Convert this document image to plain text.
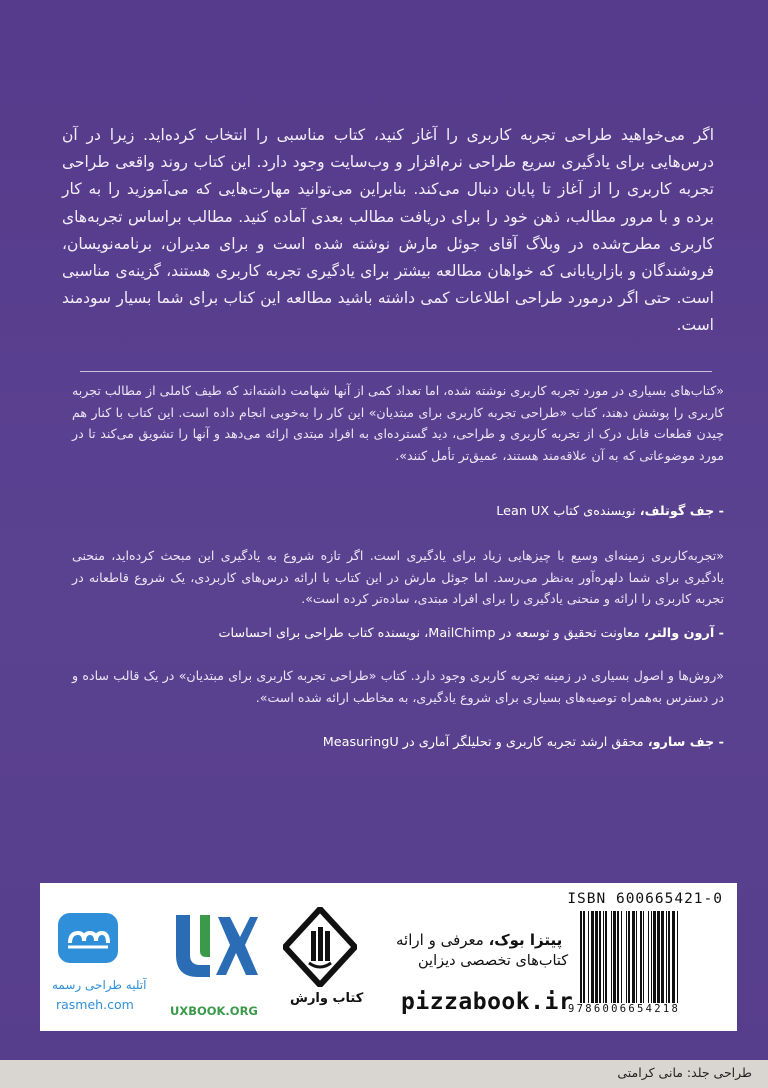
اگر می‌خواهید طراحی تجربه کاربری را آغاز کنید، کتاب مناسبی را انتخاب کرده‌اید. زیرا در آن درس‌هایی برای یادگیری سریع طراحی نرم‌افزار و وب‌سایت وجود دارد. این کتاب روند واقعی طراحی تجربه کاربری را از آغاز تا پایان دنبال می‌کند. بنابراین می‌توانید مهارت‌هایی که می‌آموزید را به کار برده و با مرور مطالب، ذهن خود را برای دریافت مطالب بعدی آماده کنید. مطالب براساس تجربه‌های کاربری مطرح‌شده در وبلاگ آقای جوئل مارش نوشته شده است و برای مدیران، برنامه‌نویسان، فروشندگان و بازاریابانی که خواهان مطالعه بیشتر برای یادگیری تجربه کاربری هستند، گزینه‌ی مناسبی است. حتی اگر درمورد طراحی اطلاعات کمی داشته باشید مطالعه این کتاب برای شما بسیار سودمند است.
«کتاب‌های بسیاری در مورد تجربه کاربری نوشته شده، اما تعداد کمی از آنها شهامت داشته‌اند که طیف کاملی از مطالب تجربه کاربری را پوشش دهند، کتاب «طراحی تجربه کاربری برای مبتدیان» این کار را به‌خوبی انجام داده است. این کتاب با کنار هم چیدن قطعات قابل درک از تجربه کاربری و طراحی، دید گسترده‌ای به افراد مبتدی ارائه می‌دهد و آنها را تشویق می‌کند تا در مورد موضوعاتی که به آن علاقه‌مند هستند، عمیق‌تر تأمل کنند».
- جف گوتلف، نویسنده‌ی کتاب Lean UX
«تجربه‌کاربری زمینه‌ای وسیع با چیزهایی زیاد برای یادگیری است. اگر تازه شروع به یادگیری این مبحث کرده‌اید، منحنی یادگیری برای شما دلهره‌آور به‌نظر می‌رسد. اما جوئل مارش در این کتاب با ارائه درس‌های کاربردی، یک شروع قاطعانه در تجربه کاربری را ارائه و منحنی یادگیری را برای افراد مبتدی، ساده‌تر کرده است».
- آرون والتر، معاونت تحقیق و توسعه در MailChimp، نویسنده کتاب طراحی برای احساسات
«روش‌ها و اصول بسیاری در زمینه تجربه کاربری وجود دارد. کتاب «طراحی تجربه کاربری برای مبتدیان» در یک قالب ساده و در دسترس به‌همراه توصیه‌های بسیاری برای شروع یادگیری، به مخاطب ارائه شده است».
- جف سارو، محقق ارشد تجربه کاربری و تحلیلگر آماری در MeasuringU
ISBN 600665421-0
9786006654218
پیتزا بوک، معرفی و ارائه
کتاب‌های تخصصی دیزاین
pizzabook.ir
کتاب وارش
UXBOOK.ORG
آتلیه طراحی رسمه
rasmeh.com
طراحی جلد: مانی کرامتی
